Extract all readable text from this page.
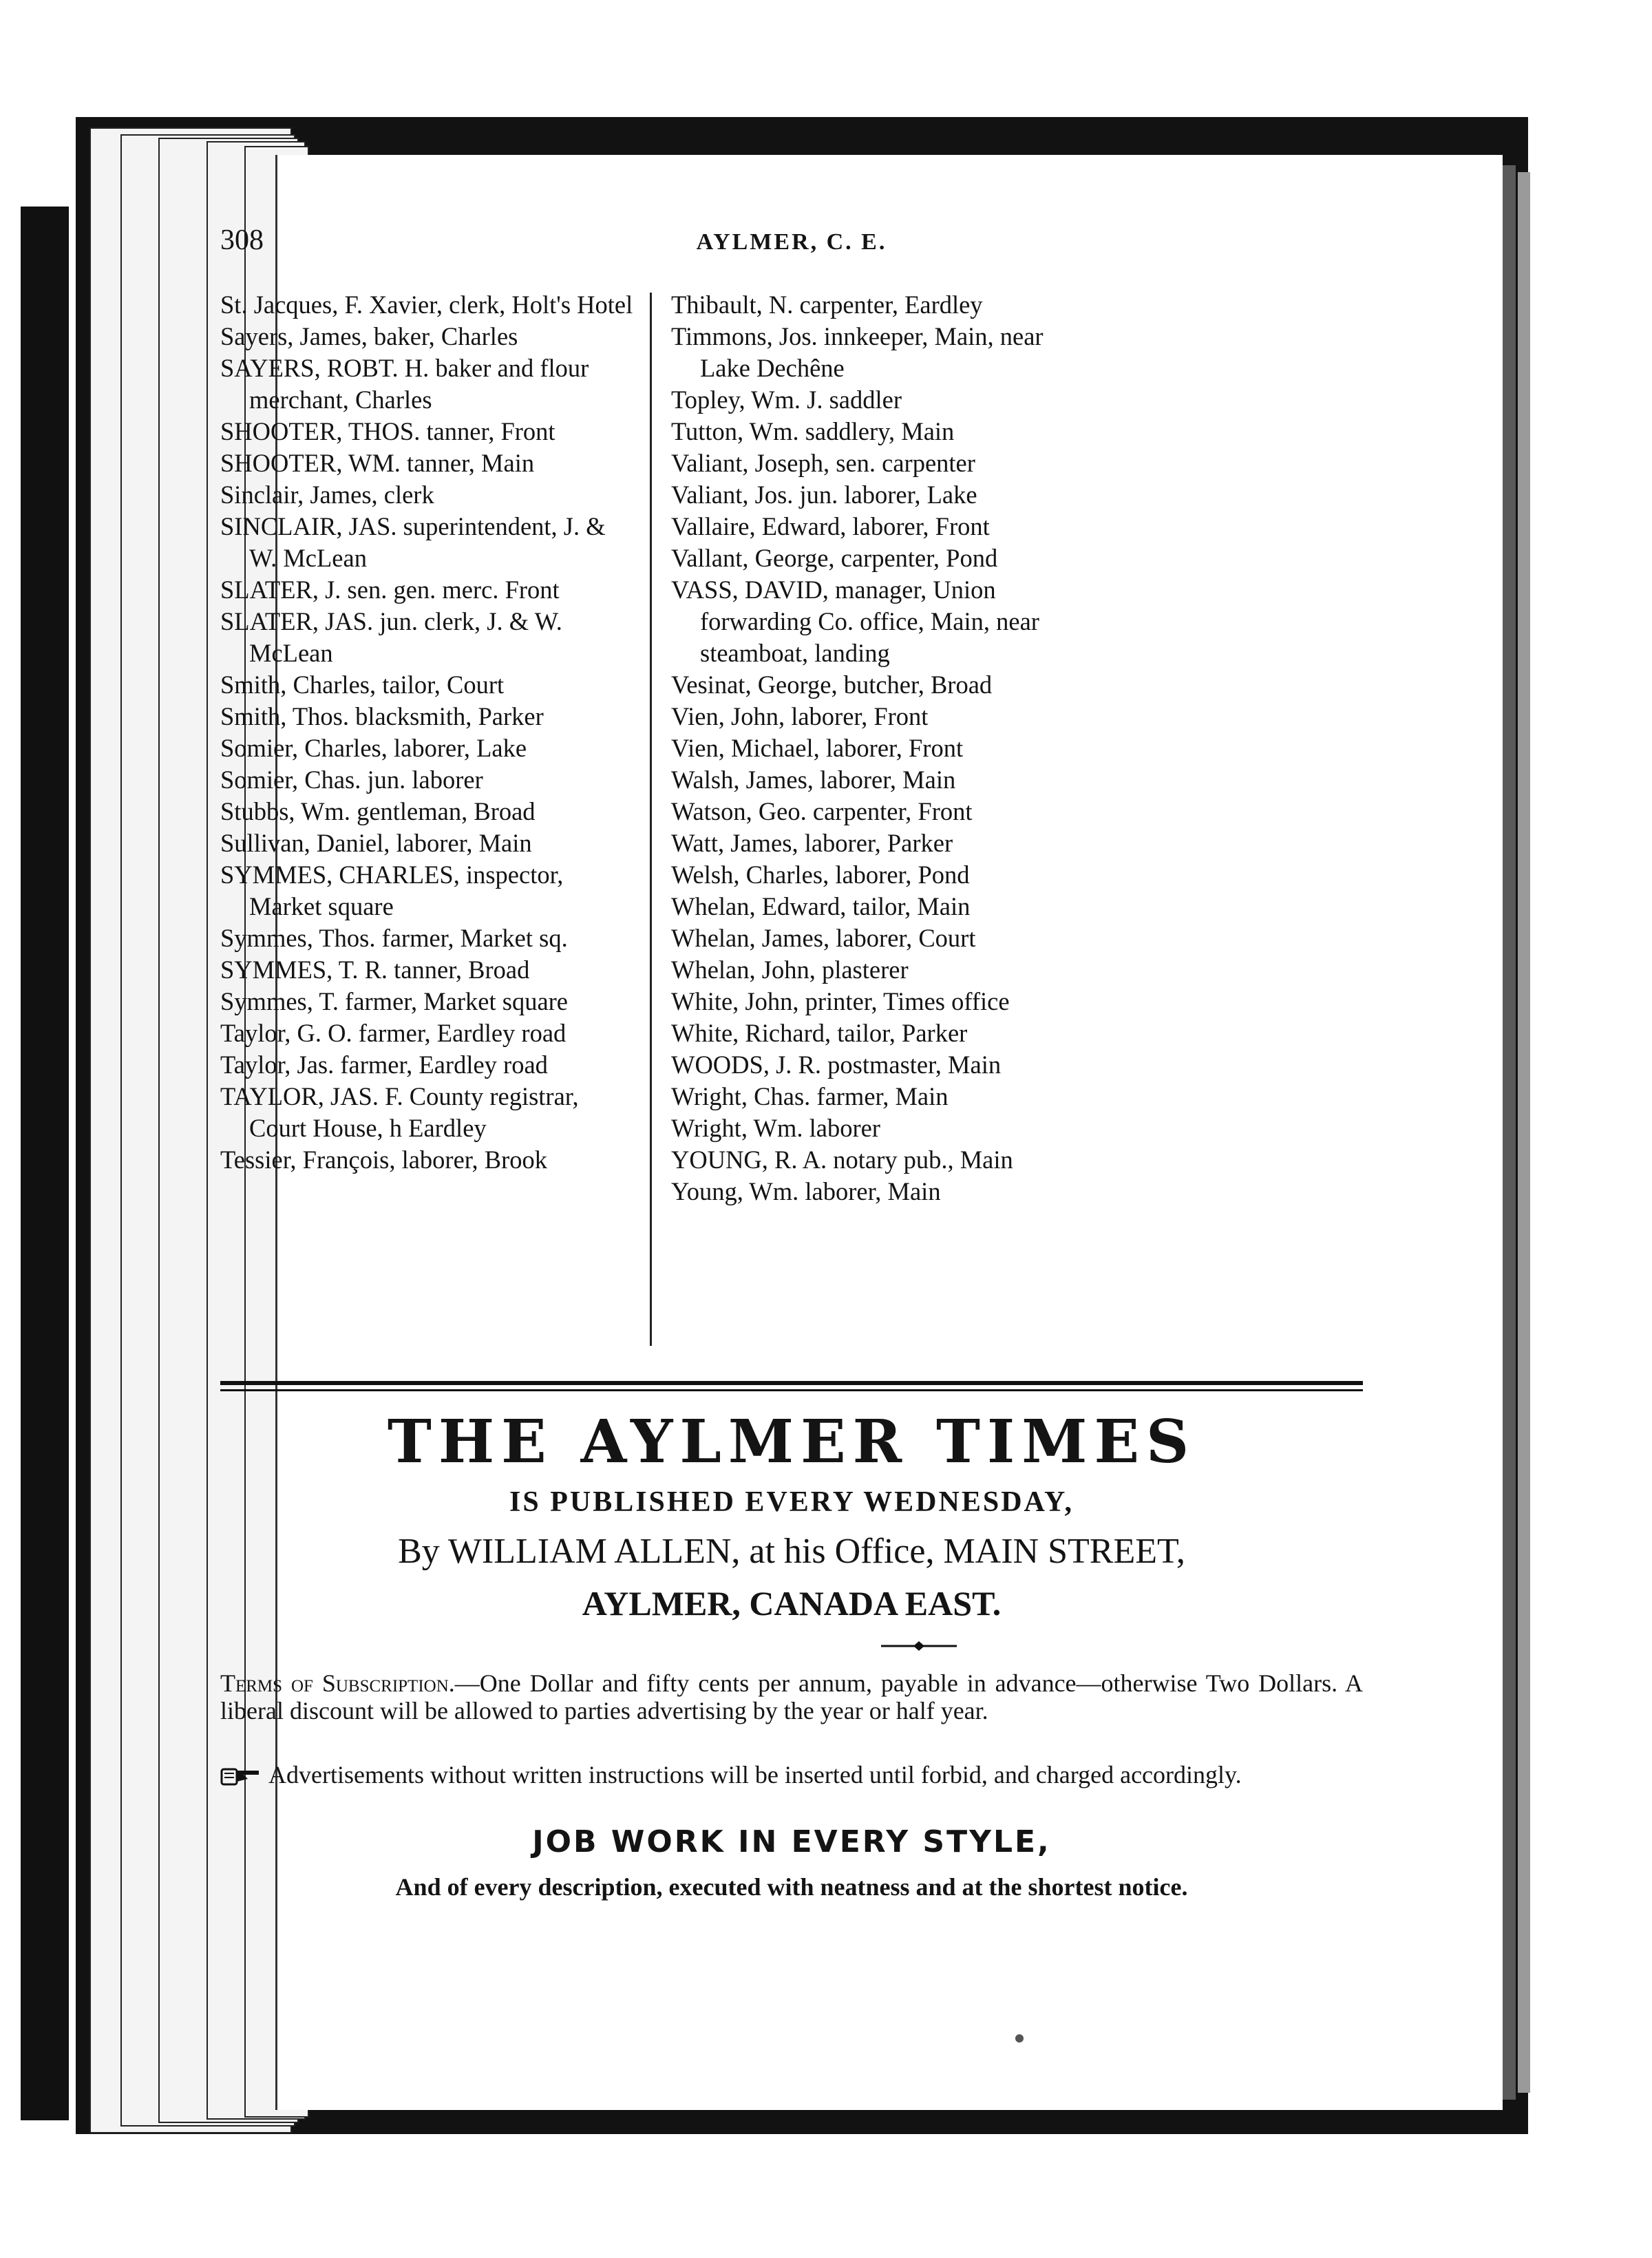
308	AYLMER, C. E.
St. Jacques, F. Xavier, clerk, Holt's Hotel
Sayers, James, baker, Charles
SAYERS, ROBT. H. baker and flour merchant, Charles
SHOOTER, THOS. tanner, Front
SHOOTER, WM. tanner, Main
Sinclair, James, clerk
SINCLAIR, JAS. superintendent, J. & W. McLean
SLATER, J. sen. gen. merc. Front
SLATER, JAS. jun. clerk, J. & W. McLean
Smith, Charles, tailor, Court
Smith, Thos. blacksmith, Parker
Somier, Charles, laborer, Lake
Somier, Chas. jun. laborer
Stubbs, Wm. gentleman, Broad
Sullivan, Daniel, laborer, Main
SYMMES, CHARLES, inspector, Market square
Symmes, Thos. farmer, Market sq.
SYMMES, T. R. tanner, Broad
Symmes, T. farmer, Market square
Taylor, G. O. farmer, Eardley road
Taylor, Jas. farmer, Eardley road
TAYLOR, JAS. F. County registrar, Court House, h Eardley
Tessier, François, laborer, Brook
Thibault, N. carpenter, Eardley
Timmons, Jos. innkeeper, Main, near Lake Dechêne
Topley, Wm. J. saddler
Tutton, Wm. saddlery, Main
Valiant, Joseph, sen. carpenter
Valiant, Jos. jun. laborer, Lake
Vallaire, Edward, laborer, Front
Vallant, George, carpenter, Pond
VASS, DAVID, manager, Union forwarding Co. office, Main, near steamboat, landing
Vesinat, George, butcher, Broad
Vien, John, laborer, Front
Vien, Michael, laborer, Front
Walsh, James, laborer, Main
Watson, Geo. carpenter, Front
Watt, James, laborer, Parker
Welsh, Charles, laborer, Pond
Whelan, Edward, tailor, Main
Whelan, James, laborer, Court
Whelan, John, plasterer
White, John, printer, Times office
White, Richard, tailor, Parker
WOODS, J. R. postmaster, Main
Wright, Chas. farmer, Main
Wright, Wm. laborer
YOUNG, R. A. notary pub., Main
Young, Wm. laborer, Main
THE AYLMER TIMES
IS PUBLISHED EVERY WEDNESDAY,
By WILLIAM ALLEN, at his Office, MAIN STREET,
AYLMER, CANADA EAST.
Terms of Subscription.—One Dollar and fifty cents per annum, payable in advance—otherwise Two Dollars. A liberal discount will be allowed to parties advertising by the year or half year.
Advertisements without written instructions will be inserted until forbid, and charged accordingly.
JOB WORK IN EVERY STYLE,
And of every description, executed with neatness and at the shortest notice.
